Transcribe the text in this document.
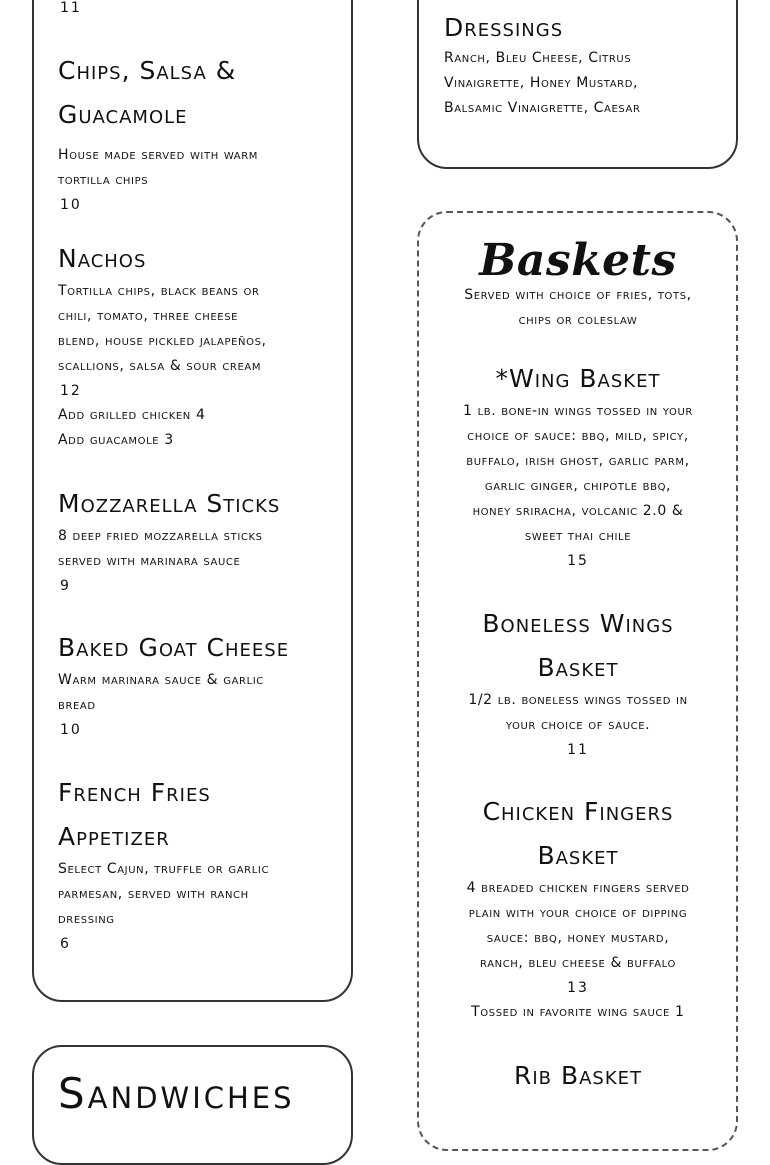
11
Chips, Salsa &
Guacamole
House made served with warm
tortilla chips
10
Nachos
Tortilla chips, black beans or
chili, tomato, three cheese
blend, house pickled jalapeños,
scallions, salsa & sour cream
12
Add grilled chicken 4
Add guacamole 3
Mozzarella Sticks
8 deep fried mozzarella sticks
served with marinara sauce
9
Baked Goat Cheese
Warm marinara sauce & garlic
bread
10
French Fries
Appetizer
Select Cajun, truffle or garlic
parmesan, served with ranch
dressing
6
Sandwiches
Dressings
Ranch, Bleu Cheese, Citrus
Vinaigrette, Honey Mustard,
Balsamic Vinaigrette, Caesar
Baskets
Served with choice of fries, tots,
chips or coleslaw
*Wing Basket
1 lb. bone-in wings tossed in your
choice of sauce: bbq, mild, spicy,
buffalo, irish ghost, garlic parm,
garlic ginger, chipotle bbq,
honey sriracha, volcanic 2.0 &
sweet thai chile
15
Boneless Wings
Basket
1/2 lb. boneless wings tossed in
your choice of sauce.
11
Chicken Fingers
Basket
4 breaded chicken fingers served
plain with your choice of dipping
sauce: bbq, honey mustard,
ranch, bleu cheese & buffalo
13
Tossed in favorite wing sauce 1
Rib Basket
